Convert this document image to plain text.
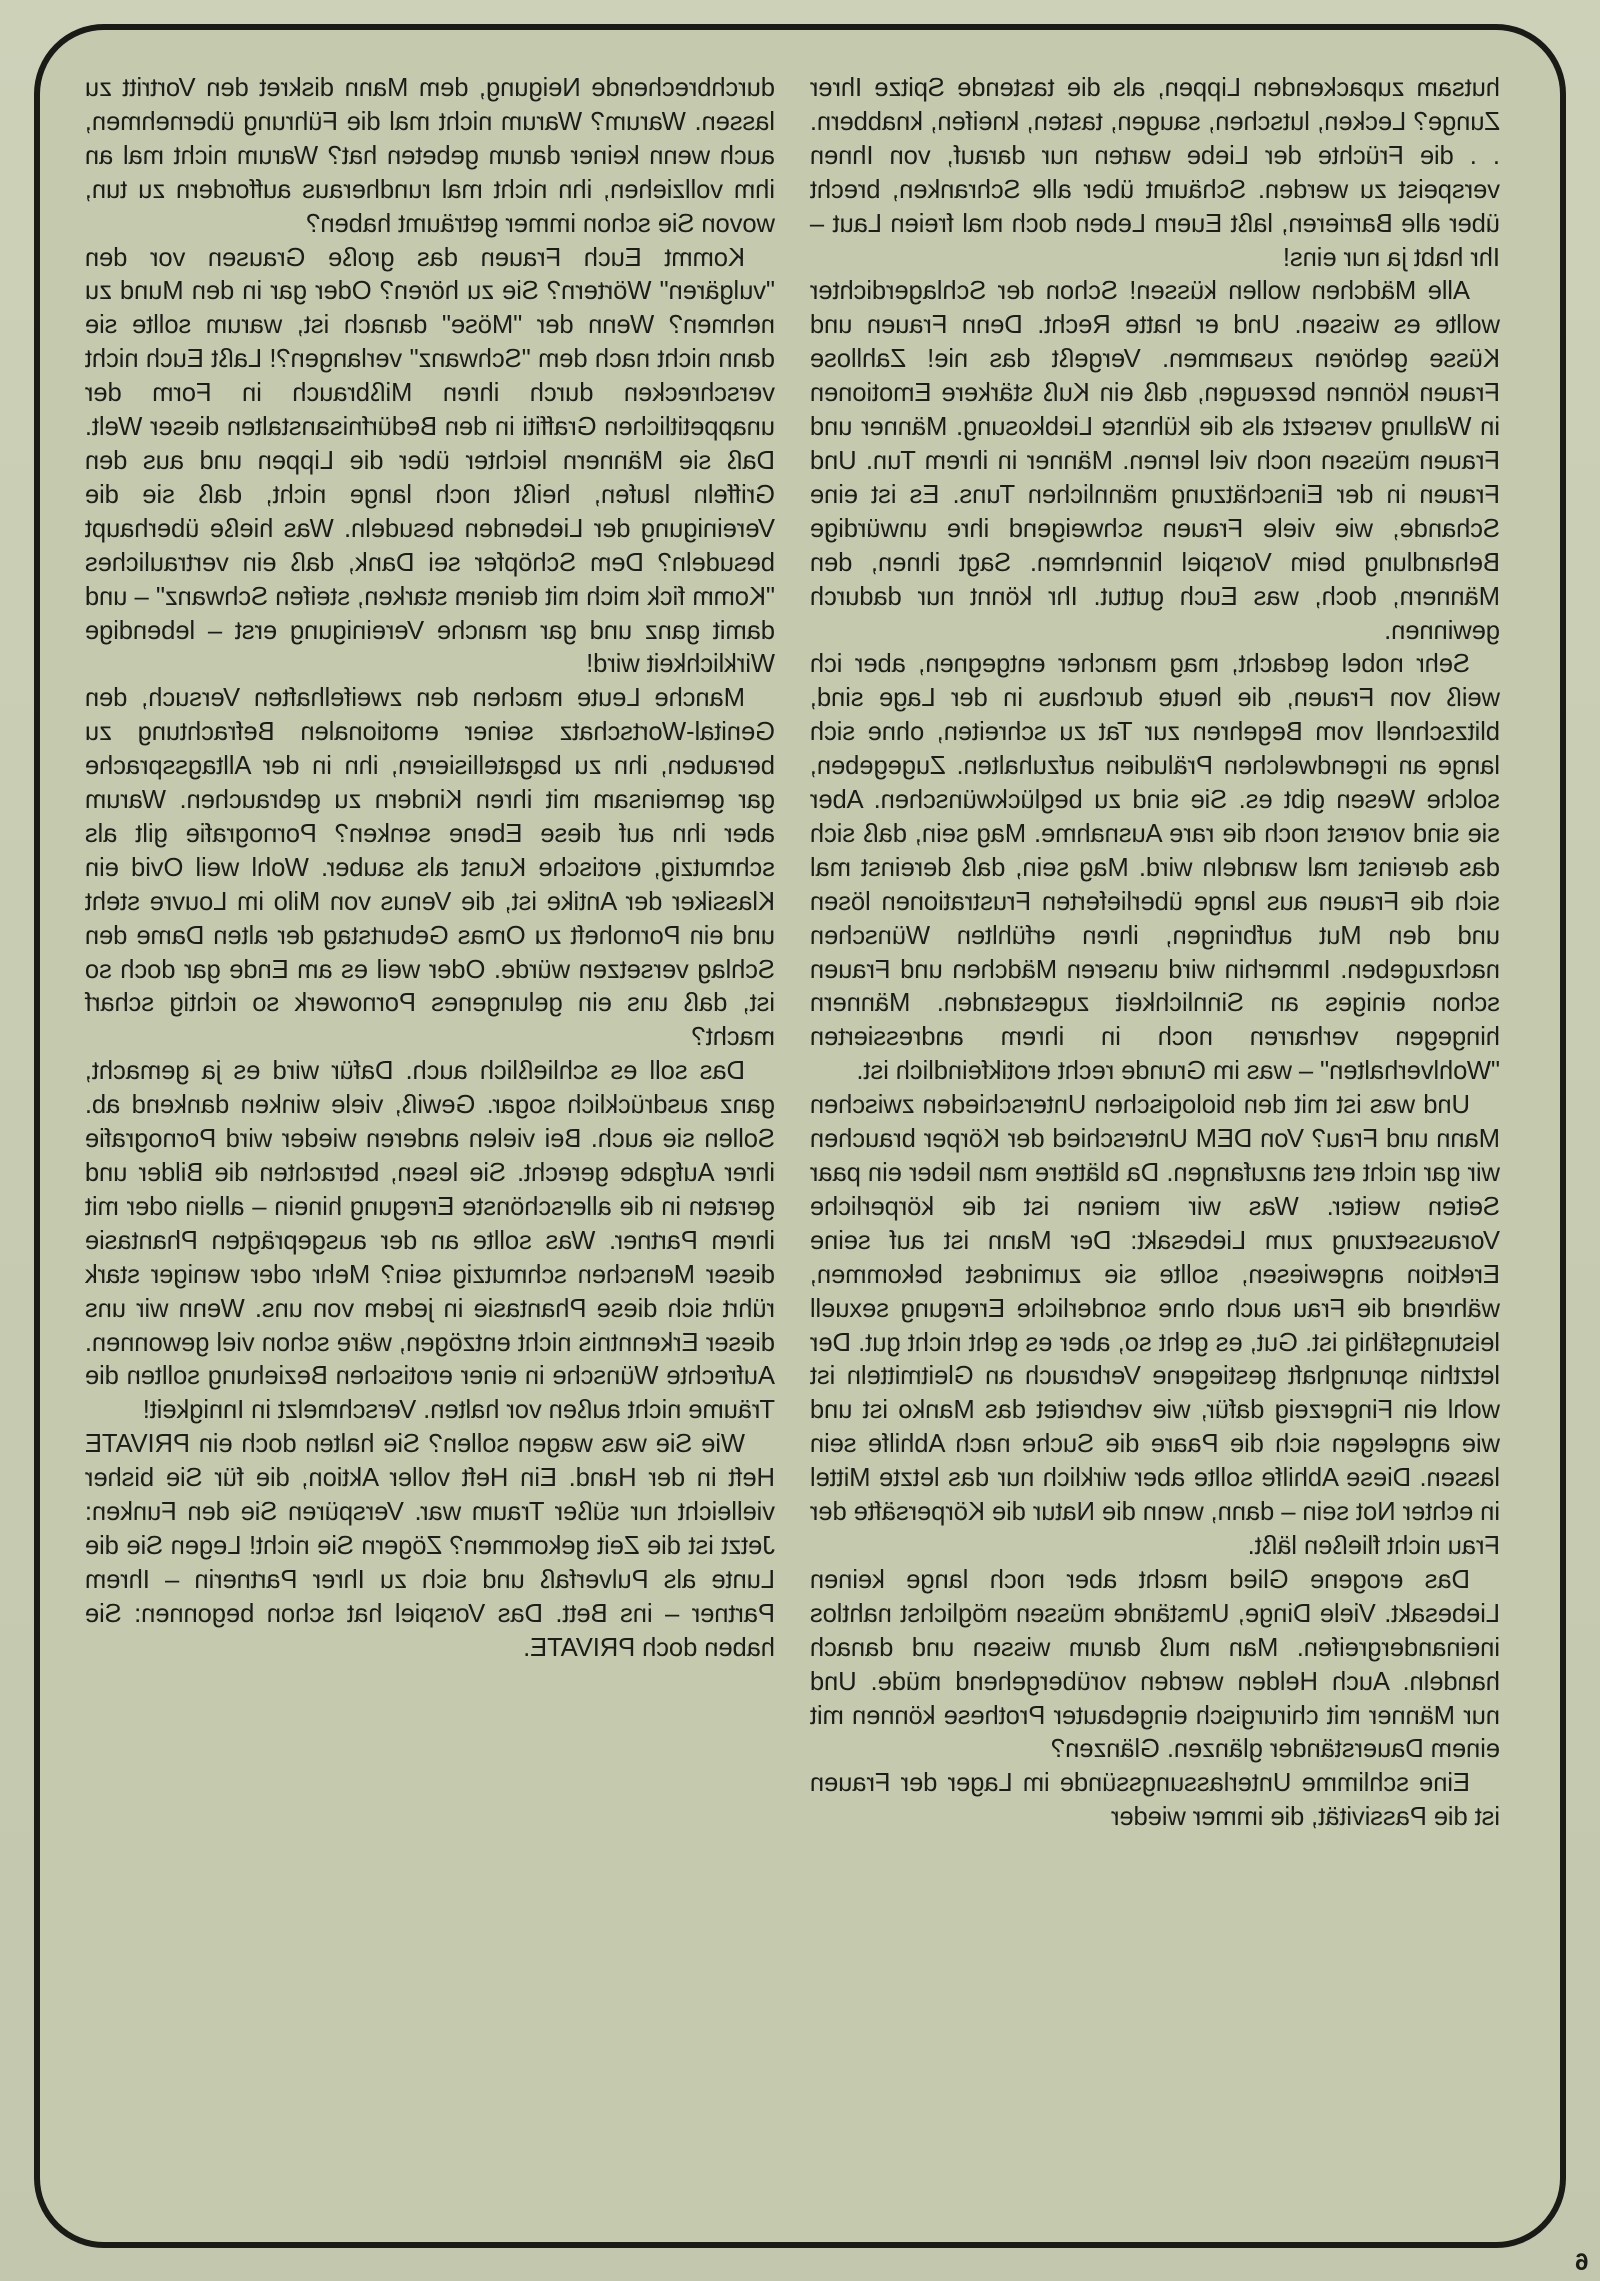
hutsam zupackenden Lippen, als die tastende Spitze Ihrer Zunge? Lecken, lutschen, saugen, tasten, kneifen, knabbern. . . die Früchte der Liebe warten nur darauf, von Ihnen verspeist zu werden. Schäumt über alle Schranken, brecht über alle Barrieren, laßt Euern Leben doch mal freien Laut – Ihr habt ja nur eins!

Alle Mädchen wollen küssen! Schon der Schlagerdichter wollte es wissen. Und er hatte Recht. Denn Frauen und Küsse gehören zusammen. Vergeßt das nie! Zahllose Frauen können bezeugen, daß ein Kuß stärkere Emotionen in Wallung versetzt als die kühnste Liebkosung. Männer und Frauen müssen noch viel lernen. Männer in ihrem Tun. Und Frauen in der Einschätzung männlichen Tuns. Es ist eine Schande, wie viele Frauen schweigend ihre unwürdige Behandlung beim Vorspiel hinnehmen. Sagt ihnen, den Männern, doch, was Euch guttut. Ihr könnt nur dadurch gewinnen.

Sehr nobel gedacht, mag mancher entgegnen, aber ich weiß von Frauen, die heute durchaus in der Lage sind, blitzschnell vom Begehren zur Tat zu schreiten, ohne sich lange an irgendwelchen Präludien aufzuhalten. Zugegeben, solche Wesen gibt es. Sie sind zu beglückwünschen. Aber sie sind vorerst noch die rare Ausnahme. Mag sein, daß sich das dereinst mal wandeln wird. Mag sein, daß dereinst mal sich die Frauen aus lange überlieferten Frustrationen lösen und den Mut aufbringen, ihren erfühlten Wünschen nachzugeben. Immerhin wird unseren Mädchen und Frauen schon einiges an Sinnlichkeit zugestanden. Männern hingegen verharren noch in ihrem andressierten "Wohlverhalten" – was im Grunde recht erotikfeindlich ist.

Und was ist mit den biologischen Unterschieden zwischen Mann und Frau? Von DEM Unterschied der Körper brauchen wir gar nicht erst anzufangen. Da blättere man lieber ein paar Seiten weiter. Was wir meinen ist die körperliche Voraussetzung zum Liebesakt: Der Mann ist auf seine Erektion angewiesen, sollte sie zumindest bekommen, während die Frau auch ohne sonderliche Erregung sexuell leistungsfähig ist. Gut, es geht so, aber es geht nicht gut. Der letzthin sprunghaft gestiegene Verbrauch an Gleitmitteln ist wohl ein Fingerzeig dafür, wie verbreitet das Manko ist und wie angelegen sich die Paare die Suche nach Abhilfe sein lassen. Diese Abhilfe sollte aber wirklich nur das letzte Mittel in echter Not sein – dann, wenn die Natur die Körpersäfte der Frau nicht fließen läßt.

Das erogene Glied macht aber noch lange keinen Liebesakt. Viele Dinge, Umstände müssen möglichst nahtlos ineinandergreifen. Man muß darum wissen und danach handeln. Auch Helden werden vorübergehend müde. Und nur Männer mit chirurgisch eingebauter Prothese können mit einem Dauerständer glänzen. Glänzen?

Eine schlimme Unterlassungssünde im Lager der Frauen ist die Passivität, die immer wieder

durchbrechende Neigung, dem Mann diskret den Vortritt zu lassen. Warum? Warum nicht mal die Führung übernehmen, auch wenn keiner darum gebeten hat? Warum nicht mal an ihm vollziehen, ihn nicht mal rundheraus auffordern zu tun, wovon Sie schon immer geträumt haben?

Kommt Euch Frauen das große Grausen vor den "vulgären" Wörtern? Sie zu hören? Oder gar in den Mund zu nehmen? Wenn der "Möse" danach ist, warum sollte sie dann nicht nach dem "Schwanz" verlangen?! Laßt Euch nicht verschrecken durch ihren Mißbrauch in Form der unappetitlichen Graffiti in den Bedürfnisanstalten dieser Welt. Daß sie Männern leichter über die Lippen und aus den Griffeln laufen, heißt noch lange nicht, daß sie die Vereinigung der Liebenden besudeln. Was hieße überhaupt besudeln? Dem Schöpfer sei Dank, daß ein vertrauliches "Komm fick mich mit deinem starken, steifen Schwanz" – und damit ganz und gar manche Vereinigung erst – lebendige Wirklichkeit wird!

Manche Leute machen den zweifelhaften Versuch, den Genital-Wortschatz seiner emotionalen Befrachtung zu berauben, ihn zu bagatellisieren, ihn in der Alltagssprache gar gemeinsam mit ihren Kindern zu gebrauchen. Warum aber ihn auf diese Ebene senken? Pornografie gilt als schmutzig, erotische Kunst als sauber. Wohl weil Ovid ein Klassiker der Antike ist, die Venus von Milo im Louvre steht und ein Pornoheft zu Omas Geburtstag der alten Dame den Schlag versetzen würde. Oder weil es am Ende gar doch so ist, daß uns ein gelungenes Pornowerk so richtig scharf macht?

Das soll es schließlich auch. Dafür wird es ja gemacht, ganz ausdrücklich sogar. Gewiß, viele winken dankend ab. Sollen sie auch. Bei vielen anderen wieder wird Pornografie ihrer Aufgabe gerecht. Sie lesen, betrachten die Bilder und geraten in die allerschönste Erregung hinein – allein oder mit ihrem Partner. Was sollte an der ausgeprägten Phantasie dieser Menschen schmutzig sein? Mehr oder weniger stark rührt sich diese Phantasie in jedem von uns. Wenn wir uns dieser Erkenntnis nicht entzögen, wäre schon viel gewonnen. Aufrechte Wünsche in einer erotischen Beziehung sollten die Träume nicht außen vor halten. Verschmelzt in Innigkeit!

Wie Sie was wagen sollen? Sie halten doch ein PRIVATE Heft in der Hand. Ein Heft voller Aktion, die für Sie bisher vielleicht nur süßer Traum war. Verspüren Sie den Funken: Jetzt ist die Zeit gekommen? Zögern Sie nicht! Legen Sie die Lunte als Pulverfaß und sich zu Ihrer Partnerin – Ihrem Partner – ins Bett. Das Vorspiel hat schon begonnen: Sie haben doch PRIVATE.

6
